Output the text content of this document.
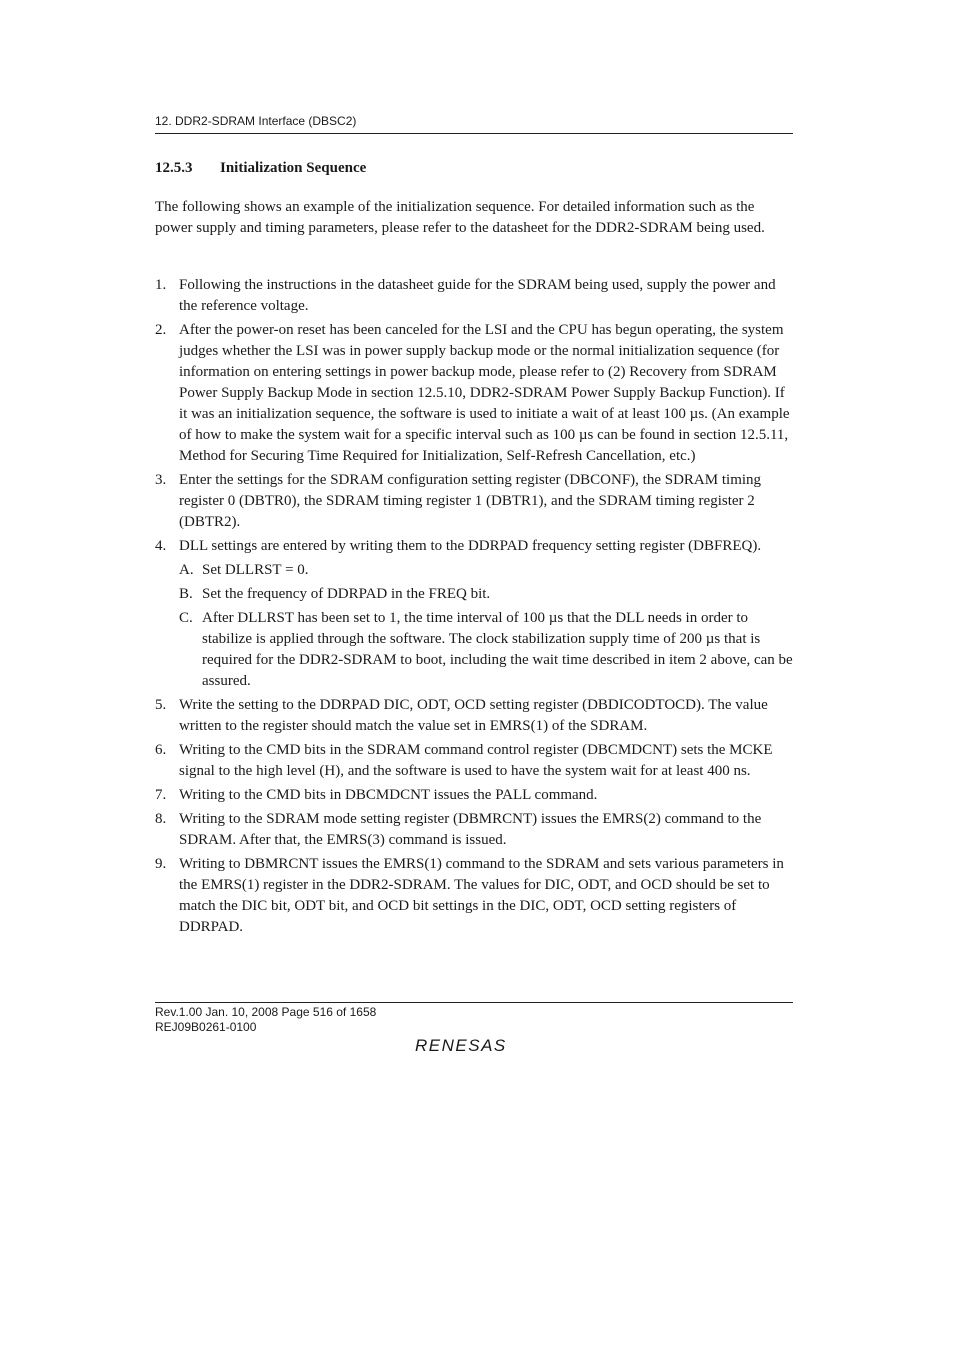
12. DDR2-SDRAM Interface (DBSC2)
12.5.3 Initialization Sequence

The following shows an example of the initialization sequence. For detailed information such as the power supply and timing parameters, please refer to the datasheet for the DDR2-SDRAM being used.

1. Following the instructions in the datasheet guide for the SDRAM being used, supply the power and the reference voltage.
2. After the power-on reset has been canceled for the LSI and the CPU has begun operating, the system judges whether the LSI was in power supply backup mode or the normal initialization sequence (for information on entering settings in power backup mode, please refer to (2) Recovery from SDRAM Power Supply Backup Mode in section 12.5.10, DDR2-SDRAM Power Supply Backup Function). If it was an initialization sequence, the software is used to initiate a wait of at least 100 µs. (An example of how to make the system wait for a specific interval such as 100 µs can be found in section 12.5.11, Method for Securing Time Required for Initialization, Self-Refresh Cancellation, etc.)
3. Enter the settings for the SDRAM configuration setting register (DBCONF), the SDRAM timing register 0 (DBTR0), the SDRAM timing register 1 (DBTR1), and the SDRAM timing register 2 (DBTR2).
4. DLL settings are entered by writing them to the DDRPAD frequency setting register (DBFREQ).
A. Set DLLRST = 0.
B. Set the frequency of DDRPAD in the FREQ bit.
C. After DLLRST has been set to 1, the time interval of 100 µs that the DLL needs in order to stabilize is applied through the software. The clock stabilization supply time of 200 µs that is required for the DDR2-SDRAM to boot, including the wait time described in item 2 above, can be assured.
5. Write the setting to the DDRPAD DIC, ODT, OCD setting register (DBDICODTOCD). The value written to the register should match the value set in EMRS(1) of the SDRAM.
6. Writing to the CMD bits in the SDRAM command control register (DBCMDCNT) sets the MCKE signal to the high level (H), and the software is used to have the system wait for at least 400 ns.
7. Writing to the CMD bits in DBCMDCNT issues the PALL command.
8. Writing to the SDRAM mode setting register (DBMRCNT) issues the EMRS(2) command to the SDRAM. After that, the EMRS(3) command is issued.
9. Writing to DBMRCNT issues the EMRS(1) command to the SDRAM and sets various parameters in the EMRS(1) register in the DDR2-SDRAM. The values for DIC, ODT, and OCD should be set to match the DIC bit, ODT bit, and OCD bit settings in the DIC, ODT, OCD setting registers of DDRPAD.
Rev.1.00 Jan. 10, 2008 Page 516 of 1658
REJ09B0261-0100
RENESAS
